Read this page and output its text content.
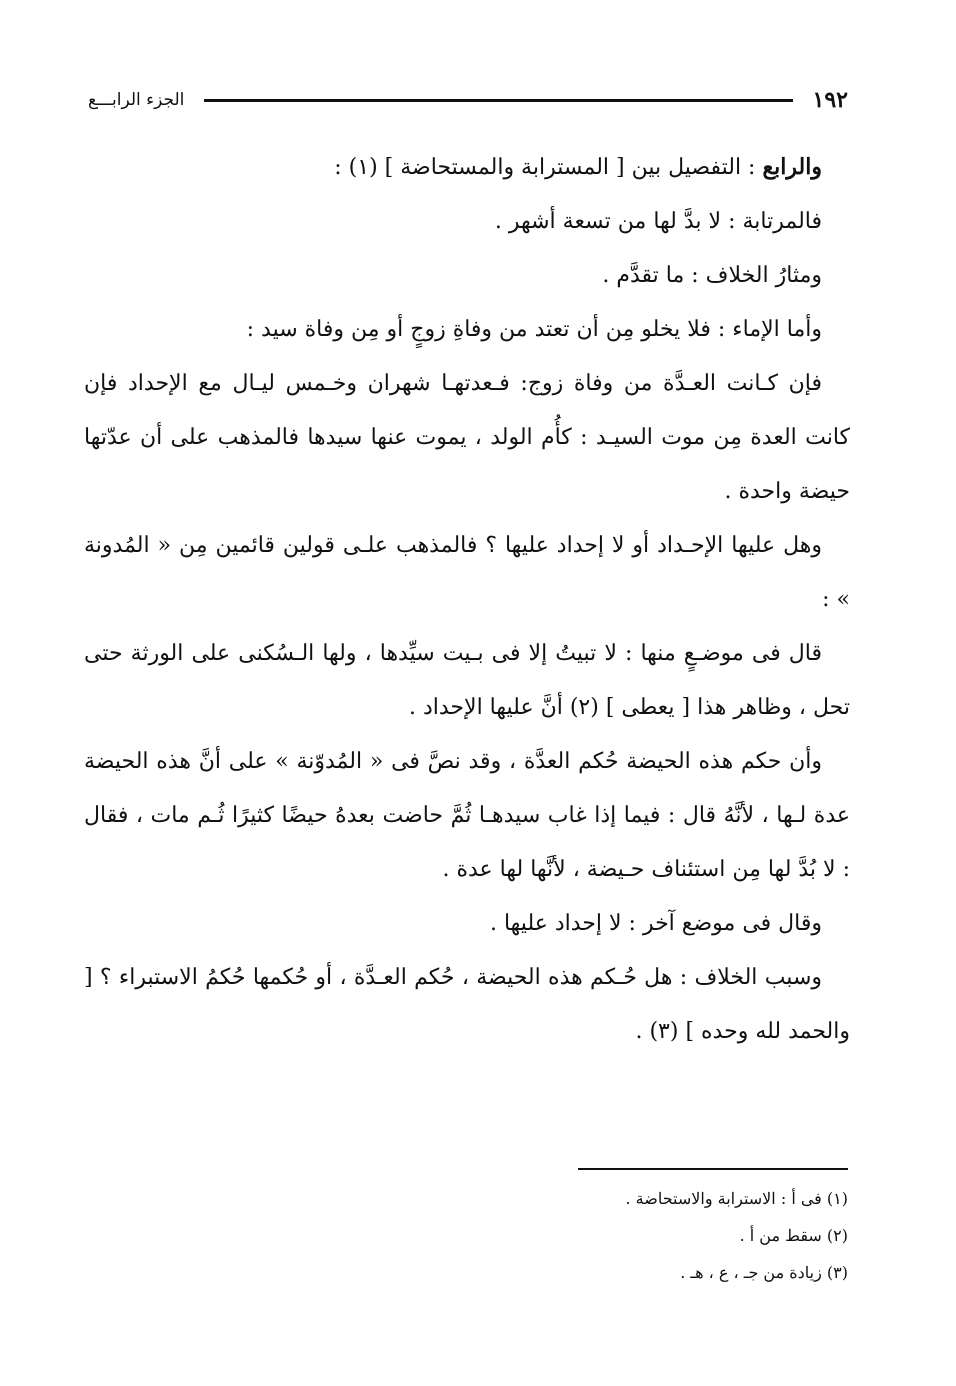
١٩٢
الجزء الرابـــع

والرابع : التفصيل بين [ المسترابة والمستحاضة ] (١) :

فالمرتابة : لا بدَّ لها من تسعة أشهر .

ومثارُ الخلاف : ما تقدَّم .

وأما الإماء : فلا يخلو مِن أن تعتد من وفاةِ زوجٍ أو مِن وفاة سيد :

فإن كـانت العـدَّة من وفاة زوج: فـعدتهـا شهران وخـمس ليـال مع الإحداد فإن كانت العدة مِن موت السيـد : كأُم الولد ، يموت عنها سيدها فالمذهب على أن عدّتها حيضة واحدة .

وهل عليها الإحـداد أو لا إحداد عليها ؟ فالمذهب علـى قولين قائمين مِن « المُدونة » :

قال فى موضـعٍ منها : لا تبيتُ إلا فى بـيت سيِّدها ، ولها الـسُكنى على الورثة حتى تحل ، وظاهر هذا [ يعطى ] (٢) أنَّ عليها الإحداد .

وأن حكم هذه الحيضة حُكم العدَّة ، وقد نصَّ فى « المُدوّنة » على أنَّ هذه الحيضة عدة لـها ، لأنَّهُ قال : فيما إذا غاب سيدهـا ثُمَّ حاضت بعدهُ حيضًا كثيرًا ثُـم مات ، فقال : لا بُدَّ لها مِن استئناف حـيضة ، لأنَّها لها عدة .

وقال فى موضع آخر : لا إحداد عليها .

وسبب الخلاف : هل حُـكم هذه الحيضة ، حُكم العـدَّة ، أو حُكمها حُكمُ الاستبراء ؟ [ والحمد لله وحده ] (٣) .

(١) فى أ : الاسترابة والاستحاضة .

(٢) سقط من أ .

(٣) زيادة من جـ ، ع ، هـ .
